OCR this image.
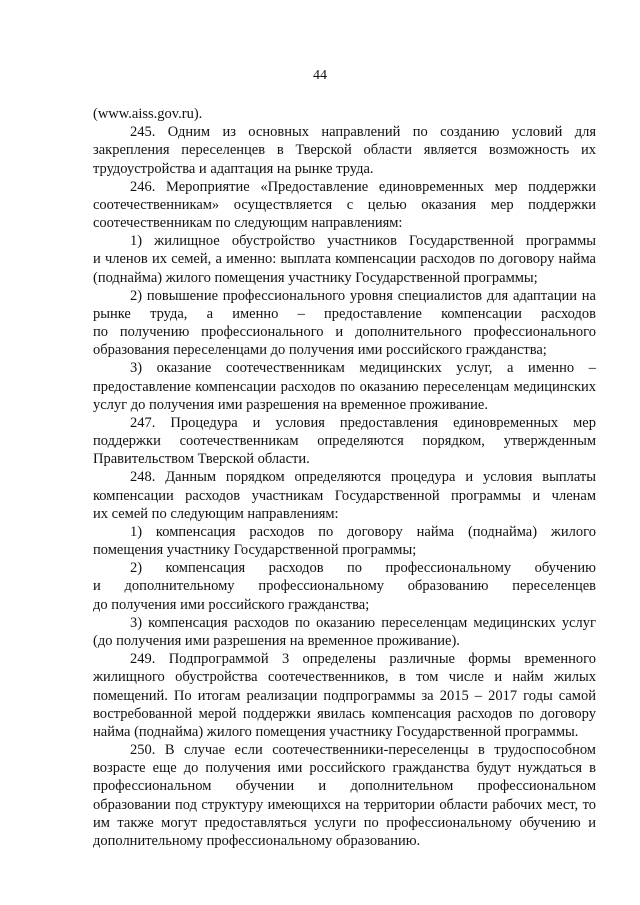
44
(www.aiss.gov.ru).
245. Одним из основных направлений по созданию условий для
закрепления переселенцев в Тверской области является возможность их
трудоустройства и адаптация на рынке труда.
246. Мероприятие «Предоставление единовременных мер поддержки
соотечественникам» осуществляется с целью оказания мер поддержки
соотечественникам по следующим направлениям:
1) жилищное обустройство участников Государственной программы
и членов их семей, а именно: выплата компенсации расходов по договору найма
(поднайма) жилого помещения участнику Государственной программы;
2) повышение профессионального уровня специалистов для адаптации на
рынке труда, а именно – предоставление компенсации расходов
по получению профессионального и дополнительного профессионального
образования переселенцами до получения ими российского гражданства;
3) оказание соотечественникам медицинских услуг, а именно –
предоставление компенсации расходов по оказанию переселенцам медицинских
услуг до получения ими разрешения на временное проживание.
247. Процедура и условия предоставления единовременных мер
поддержки соотечественникам определяются порядком, утвержденным
Правительством Тверской области.
248. Данным порядком определяются процедура и условия выплаты
компенсации расходов участникам Государственной программы и членам
их семей по следующим направлениям:
1) компенсация расходов по договору найма (поднайма) жилого
помещения участнику Государственной программы;
2) компенсация расходов по профессиональному обучению
и дополнительному профессиональному образованию переселенцев
до получения ими российского гражданства;
3) компенсация расходов по оказанию переселенцам медицинских услуг
(до получения ими разрешения на временное проживание).
249. Подпрограммой 3 определены различные формы временного
жилищного обустройства соотечественников, в том числе и найм жилых
помещений. По итогам реализации подпрограммы за 2015 – 2017 годы самой
востребованной мерой поддержки явилась компенсация расходов по договору
найма (поднайма) жилого помещения участнику Государственной программы.
250. В случае если соотечественники-переселенцы в трудоспособном
возрасте еще до получения ими российского гражданства будут нуждаться в
профессиональном обучении и дополнительном профессиональном
образовании под структуру имеющихся на территории области рабочих мест, то
им также могут предоставляться услуги по профессиональному обучению и
дополнительному профессиональному образованию.
